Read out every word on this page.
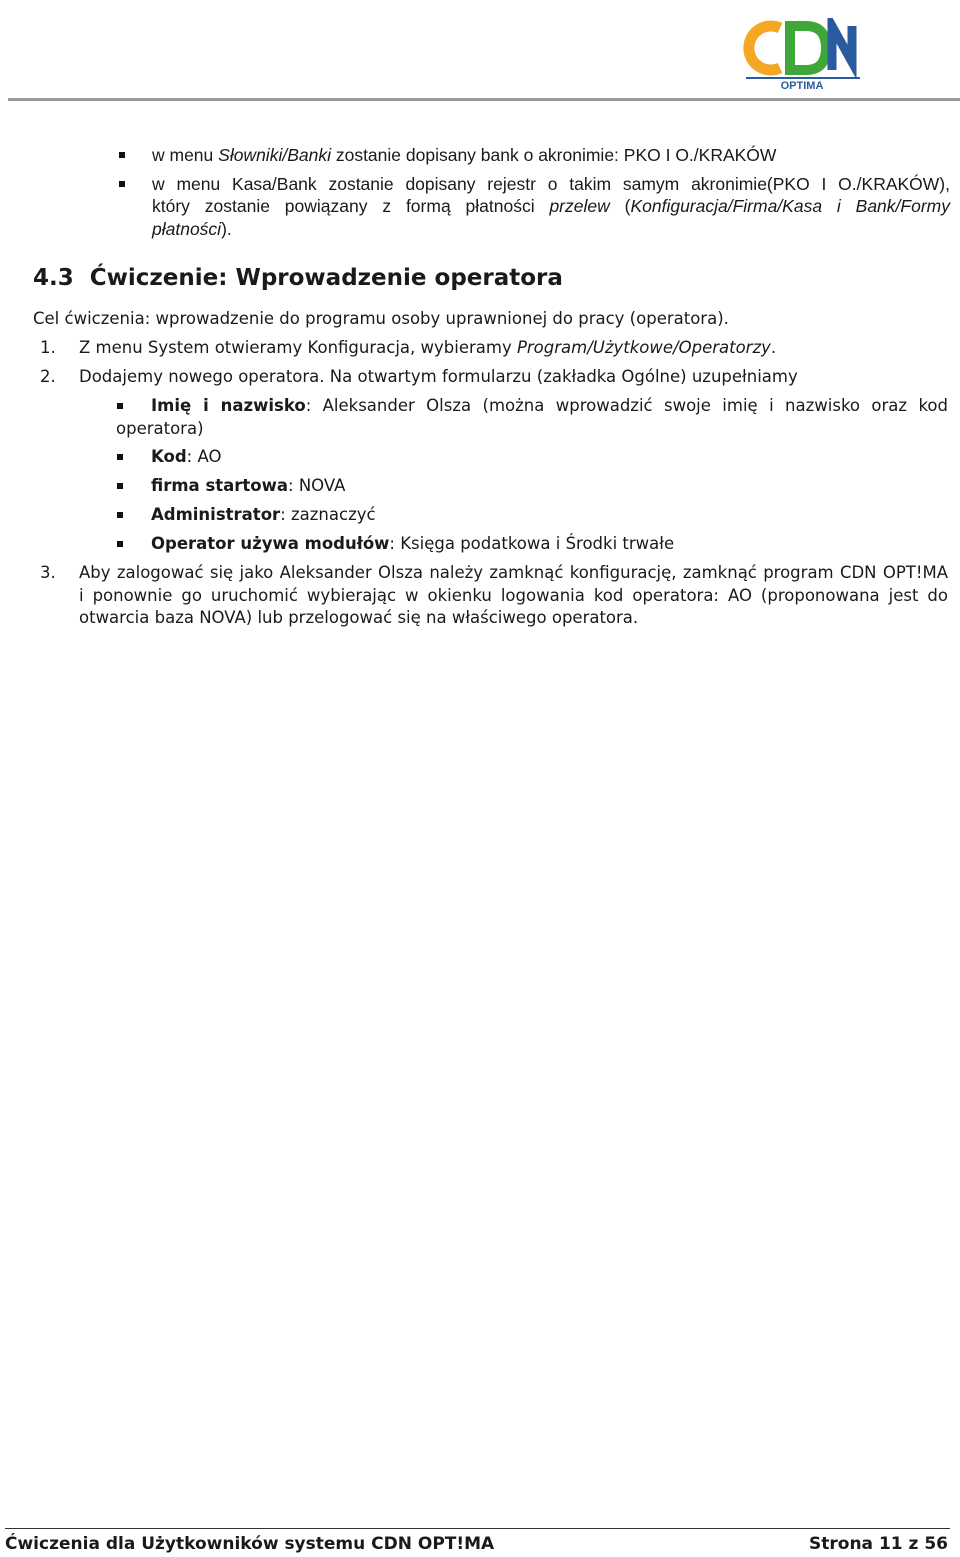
OPTIMA
w menu Słowniki/Banki zostanie dopisany bank o akronimie: PKO I O./KRAKÓW
w menu Kasa/Bank zostanie dopisany rejestr o takim samym akronimie(PKO I O./KRAKÓW),
który zostanie powiązany z formą płatności przelew (Konfiguracja/Firma/Kasa i Bank/Formy
płatności).
4.3  Ćwiczenie: Wprowadzenie operatora
Cel ćwiczenia: wprowadzenie do programu osoby uprawnionej do pracy (operatora).
1. Z menu System otwieramy Konfiguracja, wybieramy Program/Użytkowe/Operatorzy.
2. Dodajemy nowego operatora. Na otwartym formularzu (zakładka Ogólne) uzupełniamy
Imię i nazwisko: Aleksander Olsza (można wprowadzić swoje imię i nazwisko oraz kod
operatora)
Kod: AO
firma startowa: NOVA
Administrator: zaznaczyć
Operator używa modułów: Księga podatkowa i Środki trwałe
3. Aby zalogować się jako Aleksander Olsza należy zamknąć konfigurację, zamknąć program CDN OPT!MA
i ponownie go uruchomić wybierając w okienku logowania kod operatora: AO (proponowana jest do
otwarcia baza NOVA) lub przelogować się na właściwego operatora.
Ćwiczenia dla Użytkowników systemu CDN OPT!MA	Strona 11 z 56
